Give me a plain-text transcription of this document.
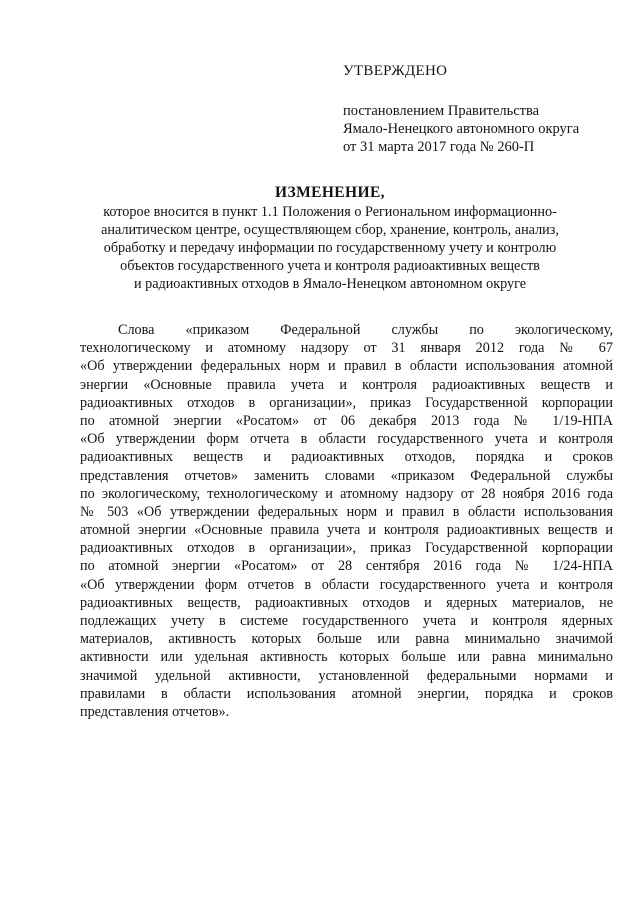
УТВЕРЖДЕНО
постановлением Правительства
Ямало-Ненецкого автономного округа
от 31 марта 2017 года № 260-П
ИЗМЕНЕНИЕ,
которое вносится в пункт 1.1 Положения о Региональном информационно-
аналитическом центре, осуществляющем сбор, хранение, контроль, анализ,
обработку и передачу информации по государственному учету и контролю
объектов государственного учета и контроля радиоактивных веществ
и радиоактивных отходов в Ямало-Ненецком автономном округе
Слова «приказом Федеральной службы по экологическому,
технологическому и атомному надзору от 31 января 2012 года № 67
«Об утверждении федеральных норм и правил в области использования атомной
энергии «Основные правила учета и контроля радиоактивных веществ и
радиоактивных отходов в организации», приказ Государственной корпорации
по атомной энергии «Росатом» от 06 декабря 2013 года № 1/19-НПА
«Об утверждении форм отчета в области государственного учета и контроля
радиоактивных веществ и радиоактивных отходов, порядка и сроков
представления отчетов» заменить словами «приказом Федеральной службы
по экологическому, технологическому и атомному надзору от 28 ноября 2016 года
№ 503 «Об утверждении федеральных норм и правил в области использования
атомной энергии «Основные правила учета и контроля радиоактивных веществ и
радиоактивных отходов в организации», приказ Государственной корпорации
по атомной энергии «Росатом» от 28 сентября 2016 года № 1/24-НПА
«Об утверждении форм отчетов в области государственного учета и контроля
радиоактивных веществ, радиоактивных отходов и ядерных материалов, не
подлежащих учету в системе государственного учета и контроля ядерных
материалов, активность которых больше или равна минимально значимой
активности или удельная активность которых больше или равна минимально
значимой удельной активности, установленной федеральными нормами и
правилами в области использования атомной энергии, порядка и сроков
представления отчетов».
